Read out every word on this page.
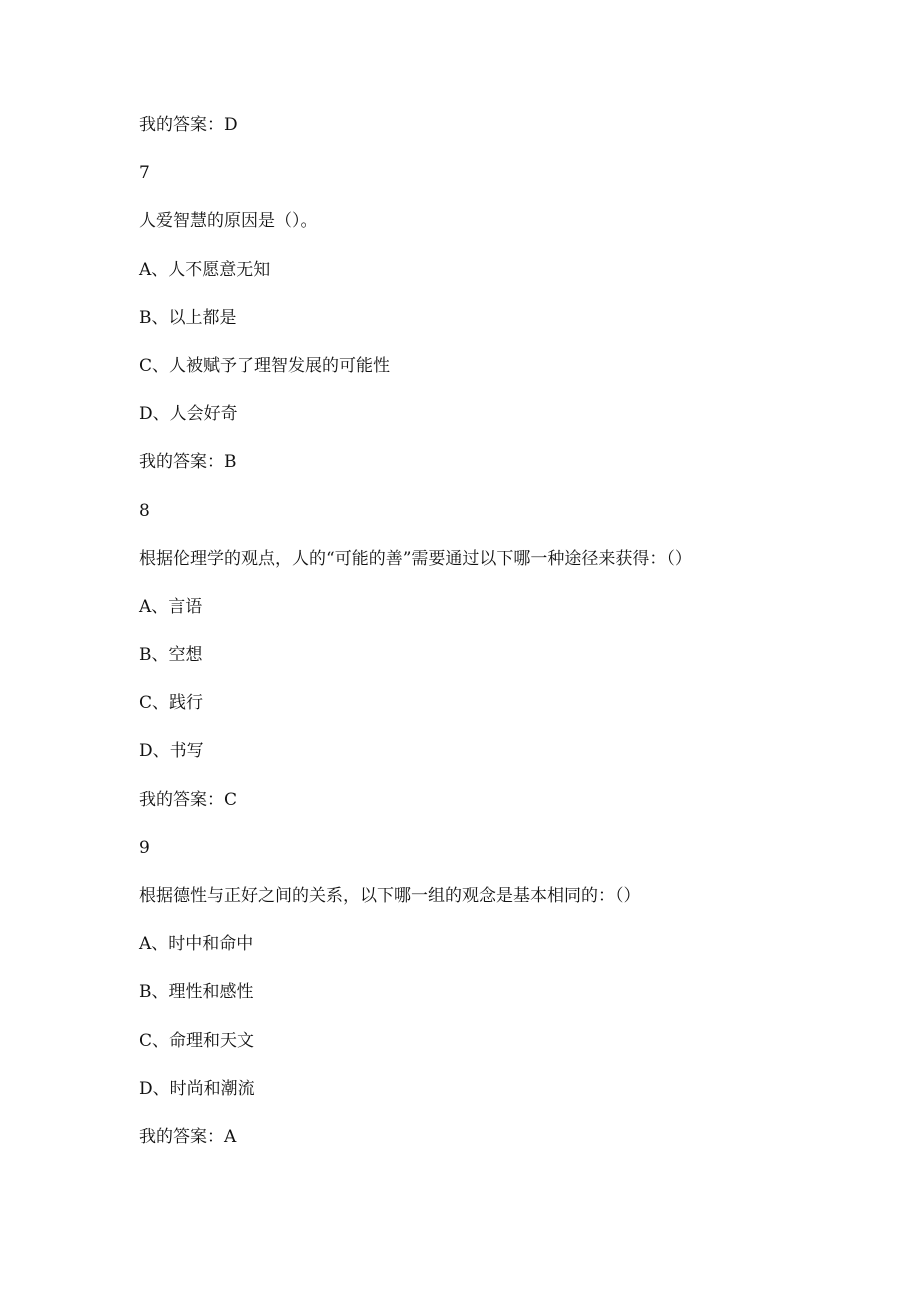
我的答案：D
7
人爱智慧的原因是（）。
A、人不愿意无知
B、以上都是
C、人被赋予了理智发展的可能性
D、人会好奇
我的答案：B
8
根据伦理学的观点，人的“可能的善”需要通过以下哪一种途径来获得：（）
A、言语
B、空想
C、践行
D、书写
我的答案：C
9
根据德性与正好之间的关系，以下哪一组的观念是基本相同的：（）
A、时中和命中
B、理性和感性
C、命理和天文
D、时尚和潮流
我的答案：A
